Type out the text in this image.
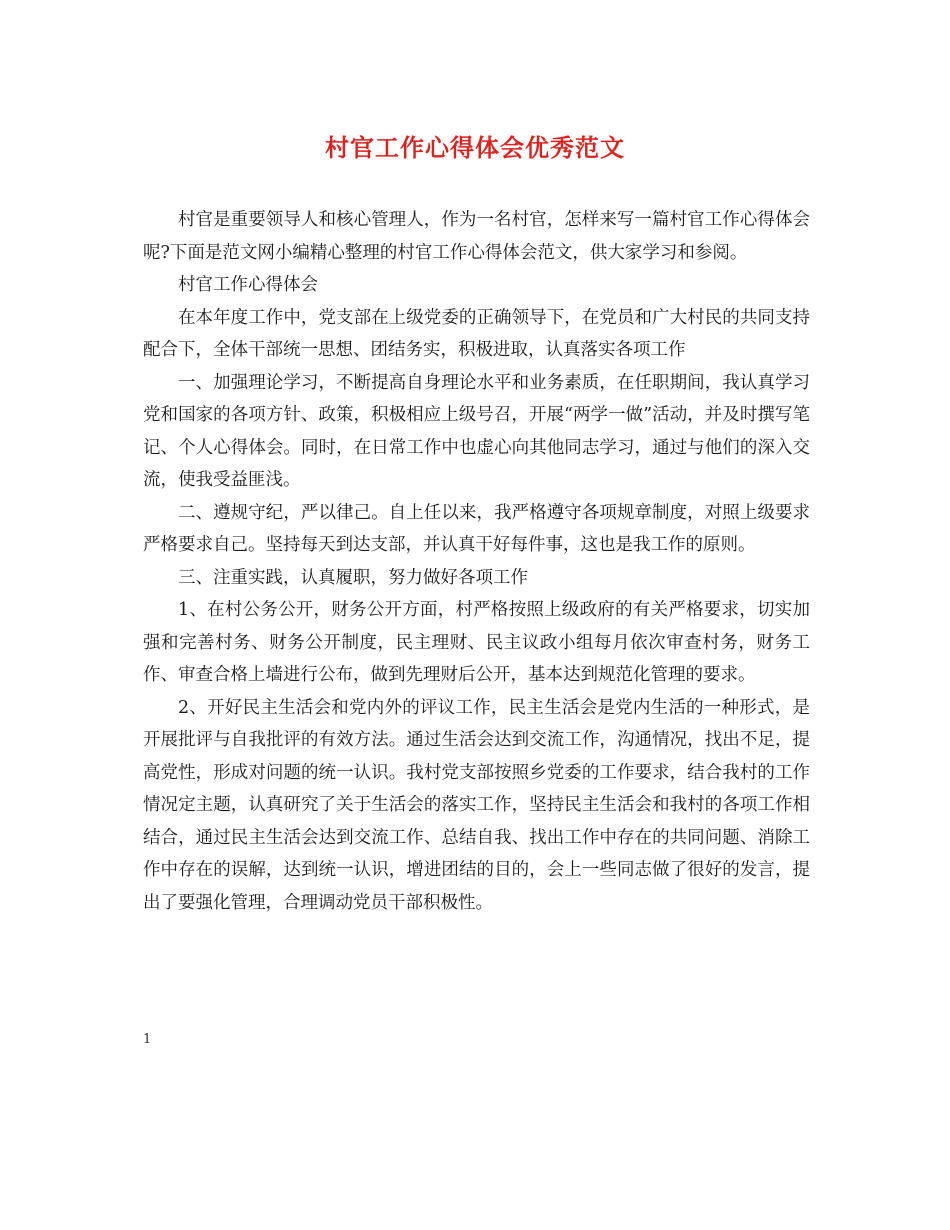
村官工作心得体会优秀范文

村官是重要领导人和核心管理人，作为一名村官，怎样来写一篇村官工作心得体会呢?下面是范文网小编精心整理的村官工作心得体会范文，供大家学习和参阅。

村官工作心得体会

在本年度工作中，党支部在上级党委的正确领导下，在党员和广大村民的共同支持配合下，全体干部统一思想、团结务实，积极进取，认真落实各项工作

一、加强理论学习，不断提高自身理论水平和业务素质，在任职期间，我认真学习党和国家的各项方针、政策，积极相应上级号召，开展“两学一做”活动，并及时撰写笔记、个人心得体会。同时，在日常工作中也虚心向其他同志学习，通过与他们的深入交流，使我受益匪浅。

二、遵规守纪，严以律己。自上任以来，我严格遵守各项规章制度，对照上级要求严格要求自己。坚持每天到达支部，并认真干好每件事，这也是我工作的原则。

三、注重实践，认真履职，努力做好各项工作

1、在村公务公开，财务公开方面，村严格按照上级政府的有关严格要求，切实加强和完善村务、财务公开制度，民主理财、民主议政小组每月依次审查村务，财务工作、审查合格上墙进行公布，做到先理财后公开，基本达到规范化管理的要求。

2、开好民主生活会和党内外的评议工作，民主生活会是党内生活的一种形式，是开展批评与自我批评的有效方法。通过生活会达到交流工作，沟通情况，找出不足，提高党性，形成对问题的统一认识。我村党支部按照乡党委的工作要求，结合我村的工作情况定主题，认真研究了关于生活会的落实工作，坚持民主生活会和我村的各项工作相结合，通过民主生活会达到交流工作、总结自我、找出工作中存在的共同问题、消除工作中存在的误解，达到统一认识，增进团结的目的，会上一些同志做了很好的发言，提出了要强化管理，合理调动党员干部积极性。

1
